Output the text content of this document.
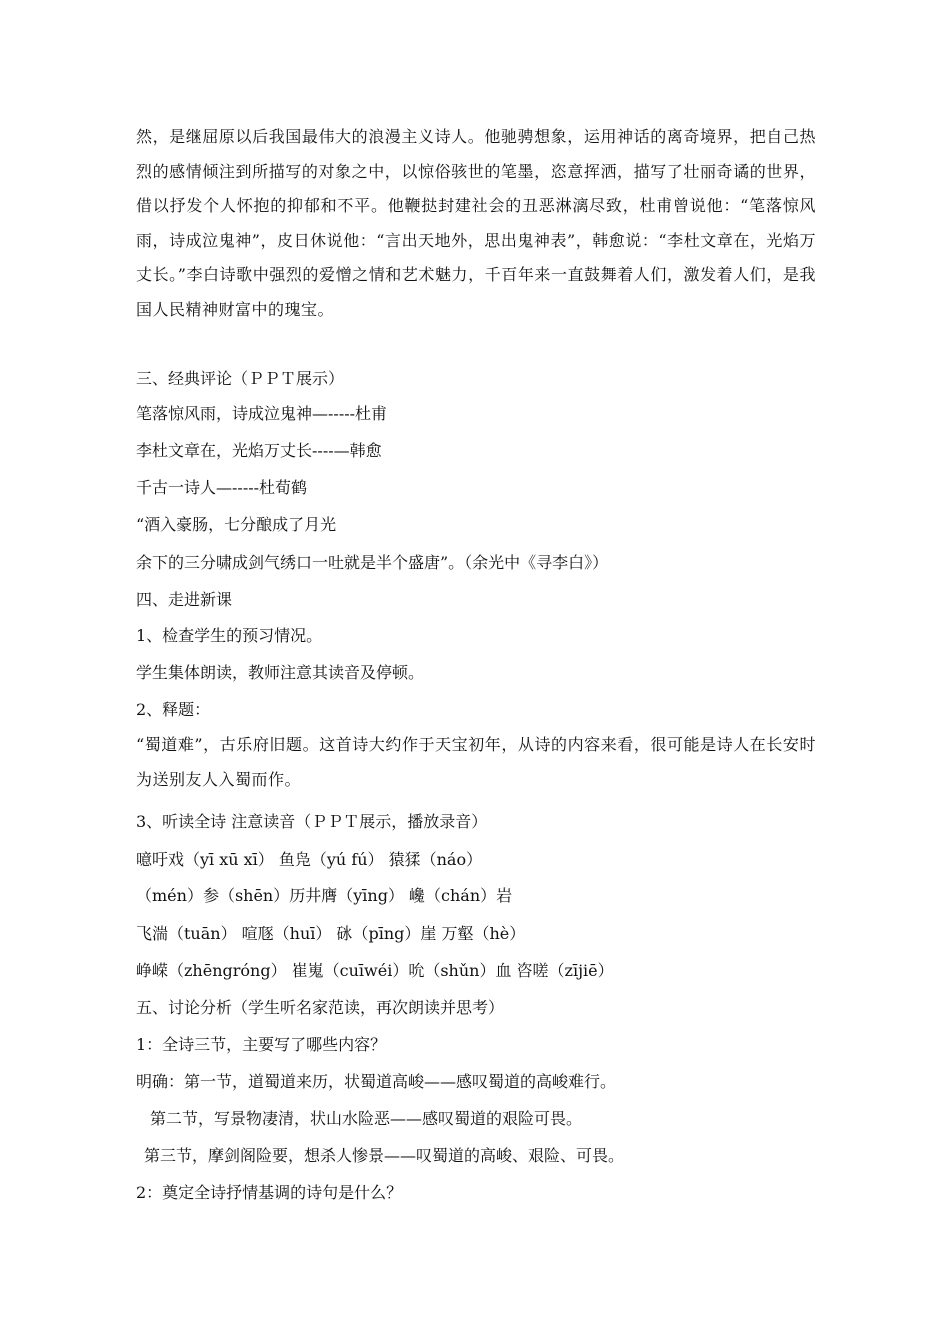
然，是继屈原以后我国最伟大的浪漫主义诗人。他驰骋想象，运用神话的离奇境界，把自己热烈的感情倾注到所描写的对象之中，以惊俗骇世的笔墨，恣意挥洒，描写了壮丽奇谲的世界，借以抒发个人怀抱的抑郁和不平。他鞭挞封建社会的丑恶淋漓尽致，杜甫曾说他：“笔落惊风雨，诗成泣鬼神”，皮日休说他：“言出天地外，思出鬼神表”，韩愈说：“李杜文章在，光焰万丈长。”李白诗歌中强烈的爱憎之情和艺术魅力，千百年来一直鼓舞着人们，激发着人们，是我国人民精神财富中的瑰宝。

三、经典评论（ＰＰＴ展示）

笔落惊风雨，诗成泣鬼神—-----杜甫

李杜文章在，光焰万丈长----—韩愈

千古一诗人—-----杜荀鹤

“酒入豪肠，七分酿成了月光

余下的三分啸成剑气绣口一吐就是半个盛唐”。（余光中《寻李白》）

四、走进新课

1、检查学生的预习情况。

学生集体朗读，教师注意其读音及停顿。

2、释题：

“蜀道难”，古乐府旧题。这首诗大约作于天宝初年，从诗的内容来看，很可能是诗人在长安时为送别友人入蜀而作。

3、听读全诗 注意读音（ＰＰＴ展示，播放录音）

噫吁戏（yī xū xī） 鱼凫（yú fú） 猿猱（náo）

（mén）参（shēn）历井膺（yīng） 巉（chán）岩

飞湍（tuān） 喧豗（huī） 砯（pīng）崖 万壑（hè）

峥嵘（zhēngróng） 崔嵬（cuīwéi）吮（shǔn）血 咨嗟（zījiē）

五、讨论分析（学生听名家范读，再次朗读并思考）

1：全诗三节，主要写了哪些内容？

明确：第一节，道蜀道来历，状蜀道高峻——感叹蜀道的高峻难行。

第二节，写景物凄清，状山水险恶——感叹蜀道的艰险可畏。

第三节，摩剑阁险要，想杀人惨景——叹蜀道的高峻、艰险、可畏。

2：奠定全诗抒情基调的诗句是什么？
